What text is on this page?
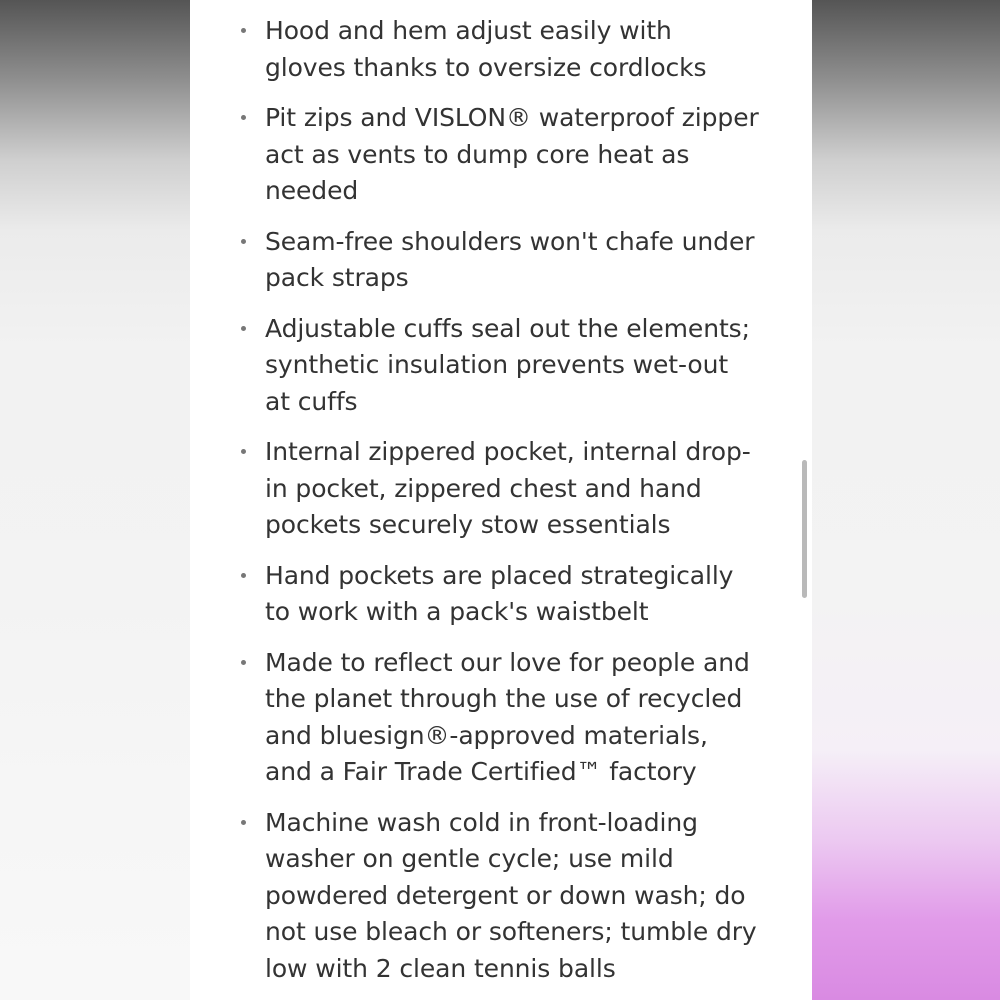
Hood and hem adjust easily with gloves thanks to oversize cordlocks
Pit zips and VISLON® waterproof zipper act as vents to dump core heat as needed
Seam-free shoulders won't chafe under pack straps
Adjustable cuffs seal out the elements; synthetic insulation prevents wet-out at cuffs
Internal zippered pocket, internal drop-in pocket, zippered chest and hand pockets securely stow essentials
Hand pockets are placed strategically to work with a pack's waistbelt
Made to reflect our love for people and the planet through the use of recycled and bluesign®-approved materials, and a Fair Trade Certified™ factory
Machine wash cold in front-loading washer on gentle cycle; use mild powdered detergent or down wash; do not use bleach or softeners; tumble dry low with 2 clean tennis balls
